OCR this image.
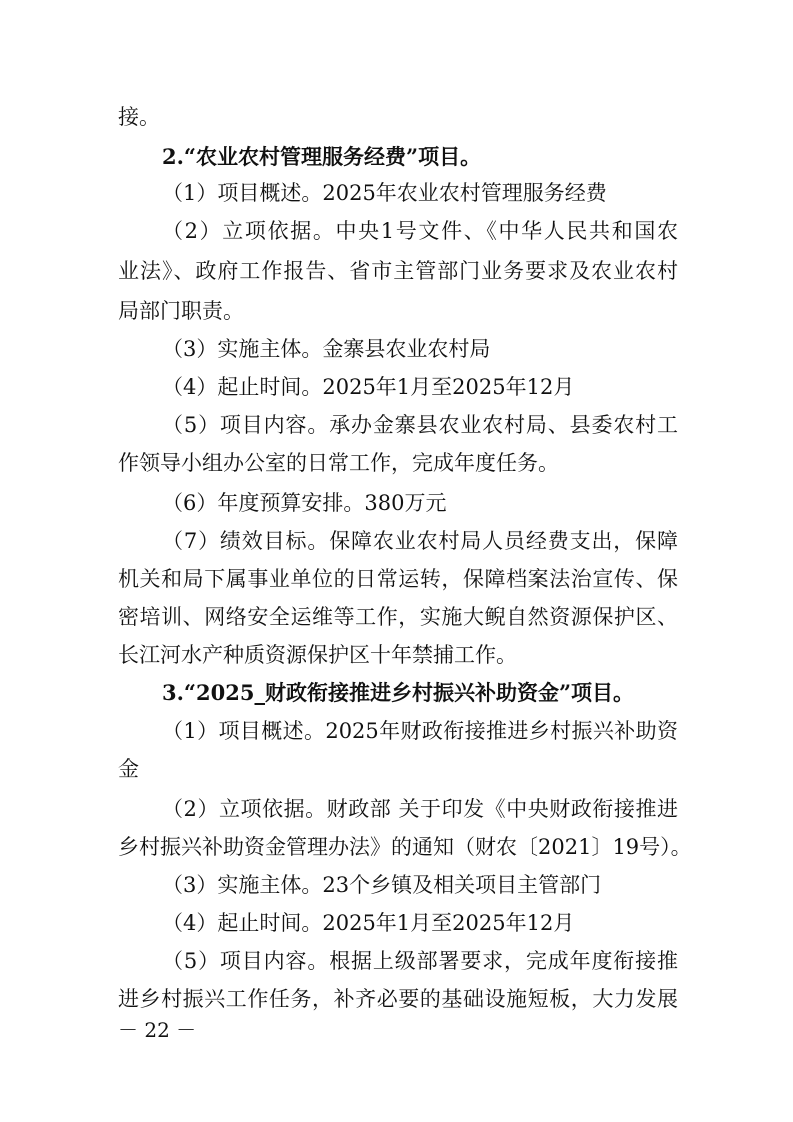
接。
2.“农业农村管理服务经费”项目。
（1）项目概述。2025年农业农村管理服务经费
（2）立项依据。中央1号文件、《中华人民共和国农
业法》、政府工作报告、省市主管部门业务要求及农业农村
局部门职责。
（3）实施主体。金寨县农业农村局
（4）起止时间。2025年1月至2025年12月
（5）项目内容。承办金寨县农业农村局、县委农村工
作领导小组办公室的日常工作，完成年度任务。
（6）年度预算安排。380万元
（7）绩效目标。保障农业农村局人员经费支出，保障
机关和局下属事业单位的日常运转，保障档案法治宣传、保
密培训、网络安全运维等工作，实施大鲵自然资源保护区、
长江河水产种质资源保护区十年禁捕工作。
3.“2025_财政衔接推进乡村振兴补助资金”项目。
（1）项目概述。2025年财政衔接推进乡村振兴补助资
金
（2）立项依据。财政部 关于印发《中央财政衔接推进
乡村振兴补助资金管理办法》的通知（财农〔2021〕19号）。
（3）实施主体。23个乡镇及相关项目主管部门
（4）起止时间。2025年1月至2025年12月
（5）项目内容。根据上级部署要求，完成年度衔接推
进乡村振兴工作任务，补齐必要的基础设施短板，大力发展
－ 22 －
